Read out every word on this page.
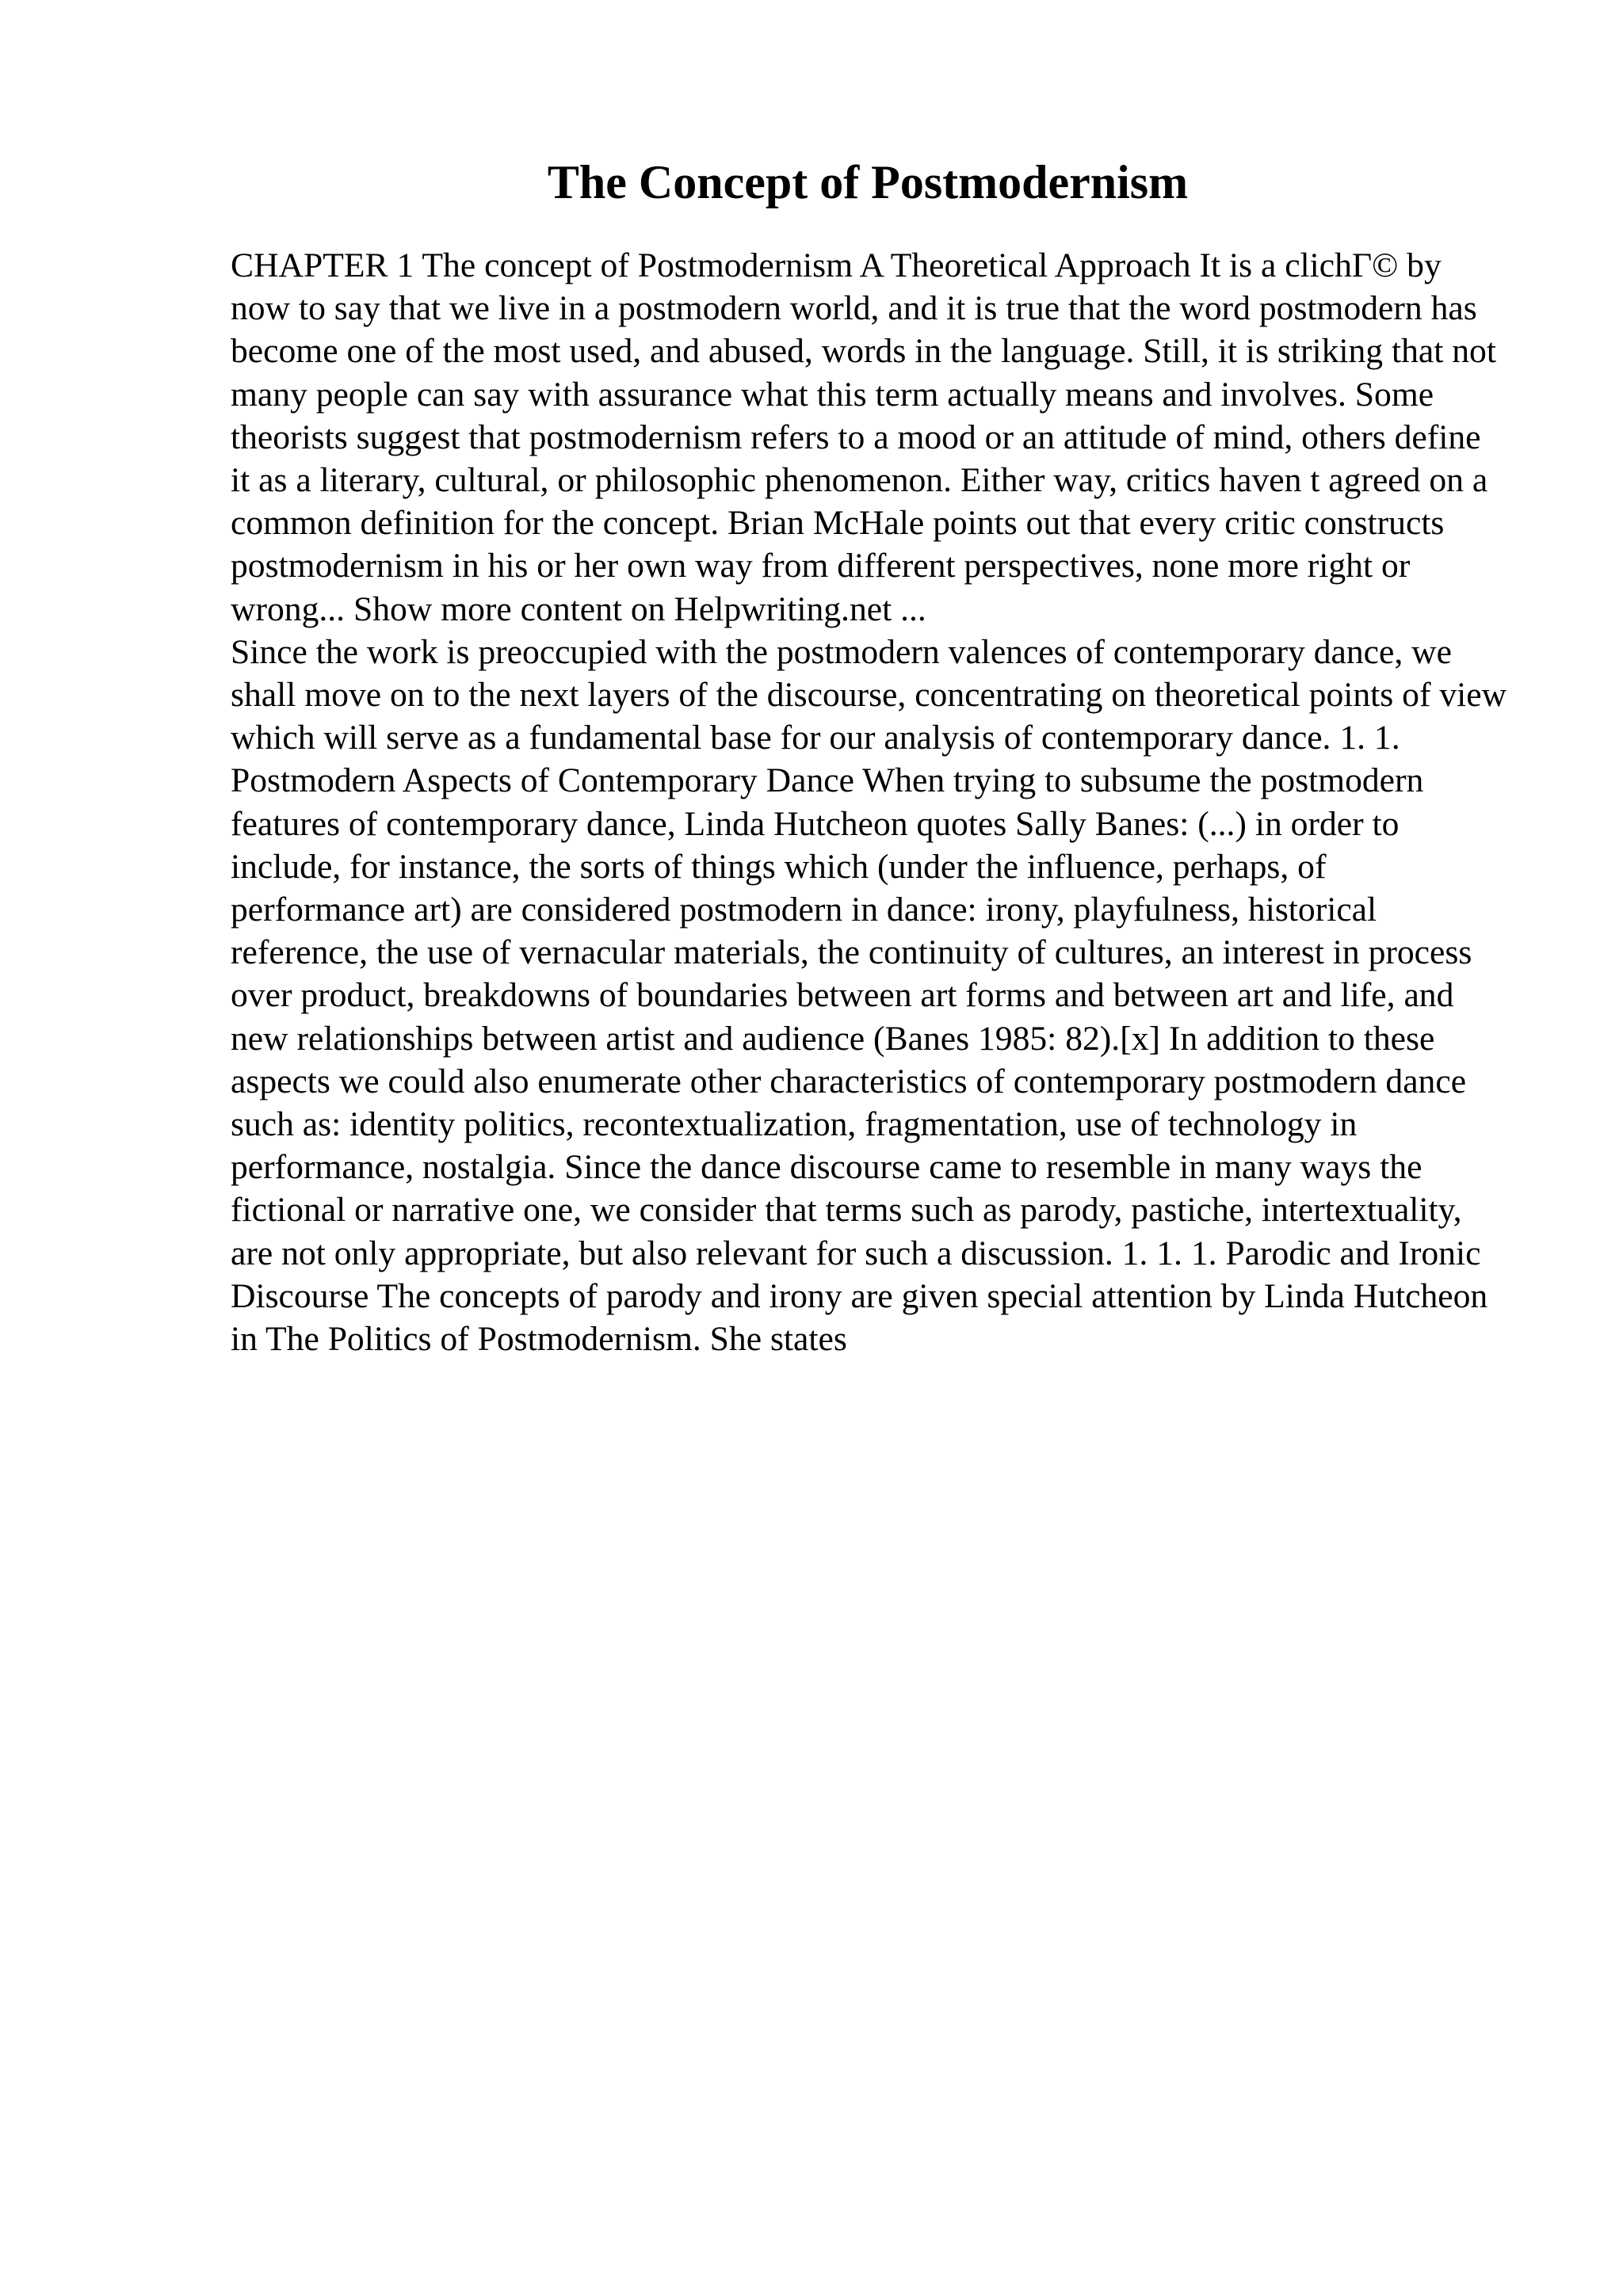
The Concept of Postmodernism

CHAPTER 1 The concept of Postmodernism A Theoretical Approach It is a clichГ© by now to say that we live in a postmodern world, and it is true that the word postmodern has become one of the most used, and abused, words in the language. Still, it is striking that not many people can say with assurance what this term actually means and involves. Some theorists suggest that postmodernism refers to a mood or an attitude of mind, others define it as a literary, cultural, or philosophic phenomenon. Either way, critics haven t agreed on a common definition for the concept. Brian McHale points out that every critic constructs postmodernism in his or her own way from different perspectives, none more right or wrong... Show more content on Helpwriting.net ...

Since the work is preoccupied with the postmodern valences of contemporary dance, we shall move on to the next layers of the discourse, concentrating on theoretical points of view which will serve as a fundamental base for our analysis of contemporary dance. 1. 1. Postmodern Aspects of Contemporary Dance When trying to subsume the postmodern features of contemporary dance, Linda Hutcheon quotes Sally Banes: (...) in order to include, for instance, the sorts of things which (under the influence, perhaps, of performance art) are considered postmodern in dance: irony, playfulness, historical reference, the use of vernacular materials, the continuity of cultures, an interest in process over product, breakdowns of boundaries between art forms and between art and life, and new relationships between artist and audience (Banes 1985: 82).[x] In addition to these aspects we could also enumerate other characteristics of contemporary postmodern dance such as: identity politics, recontextualization, fragmentation, use of technology in performance, nostalgia. Since the dance discourse came to resemble in many ways the fictional or narrative one, we consider that terms such as parody, pastiche, intertextuality, are not only appropriate, but also relevant for such a discussion. 1. 1. 1. Parodic and Ironic Discourse The concepts of parody and irony are given special attention by Linda Hutcheon in The Politics of Postmodernism. She states
